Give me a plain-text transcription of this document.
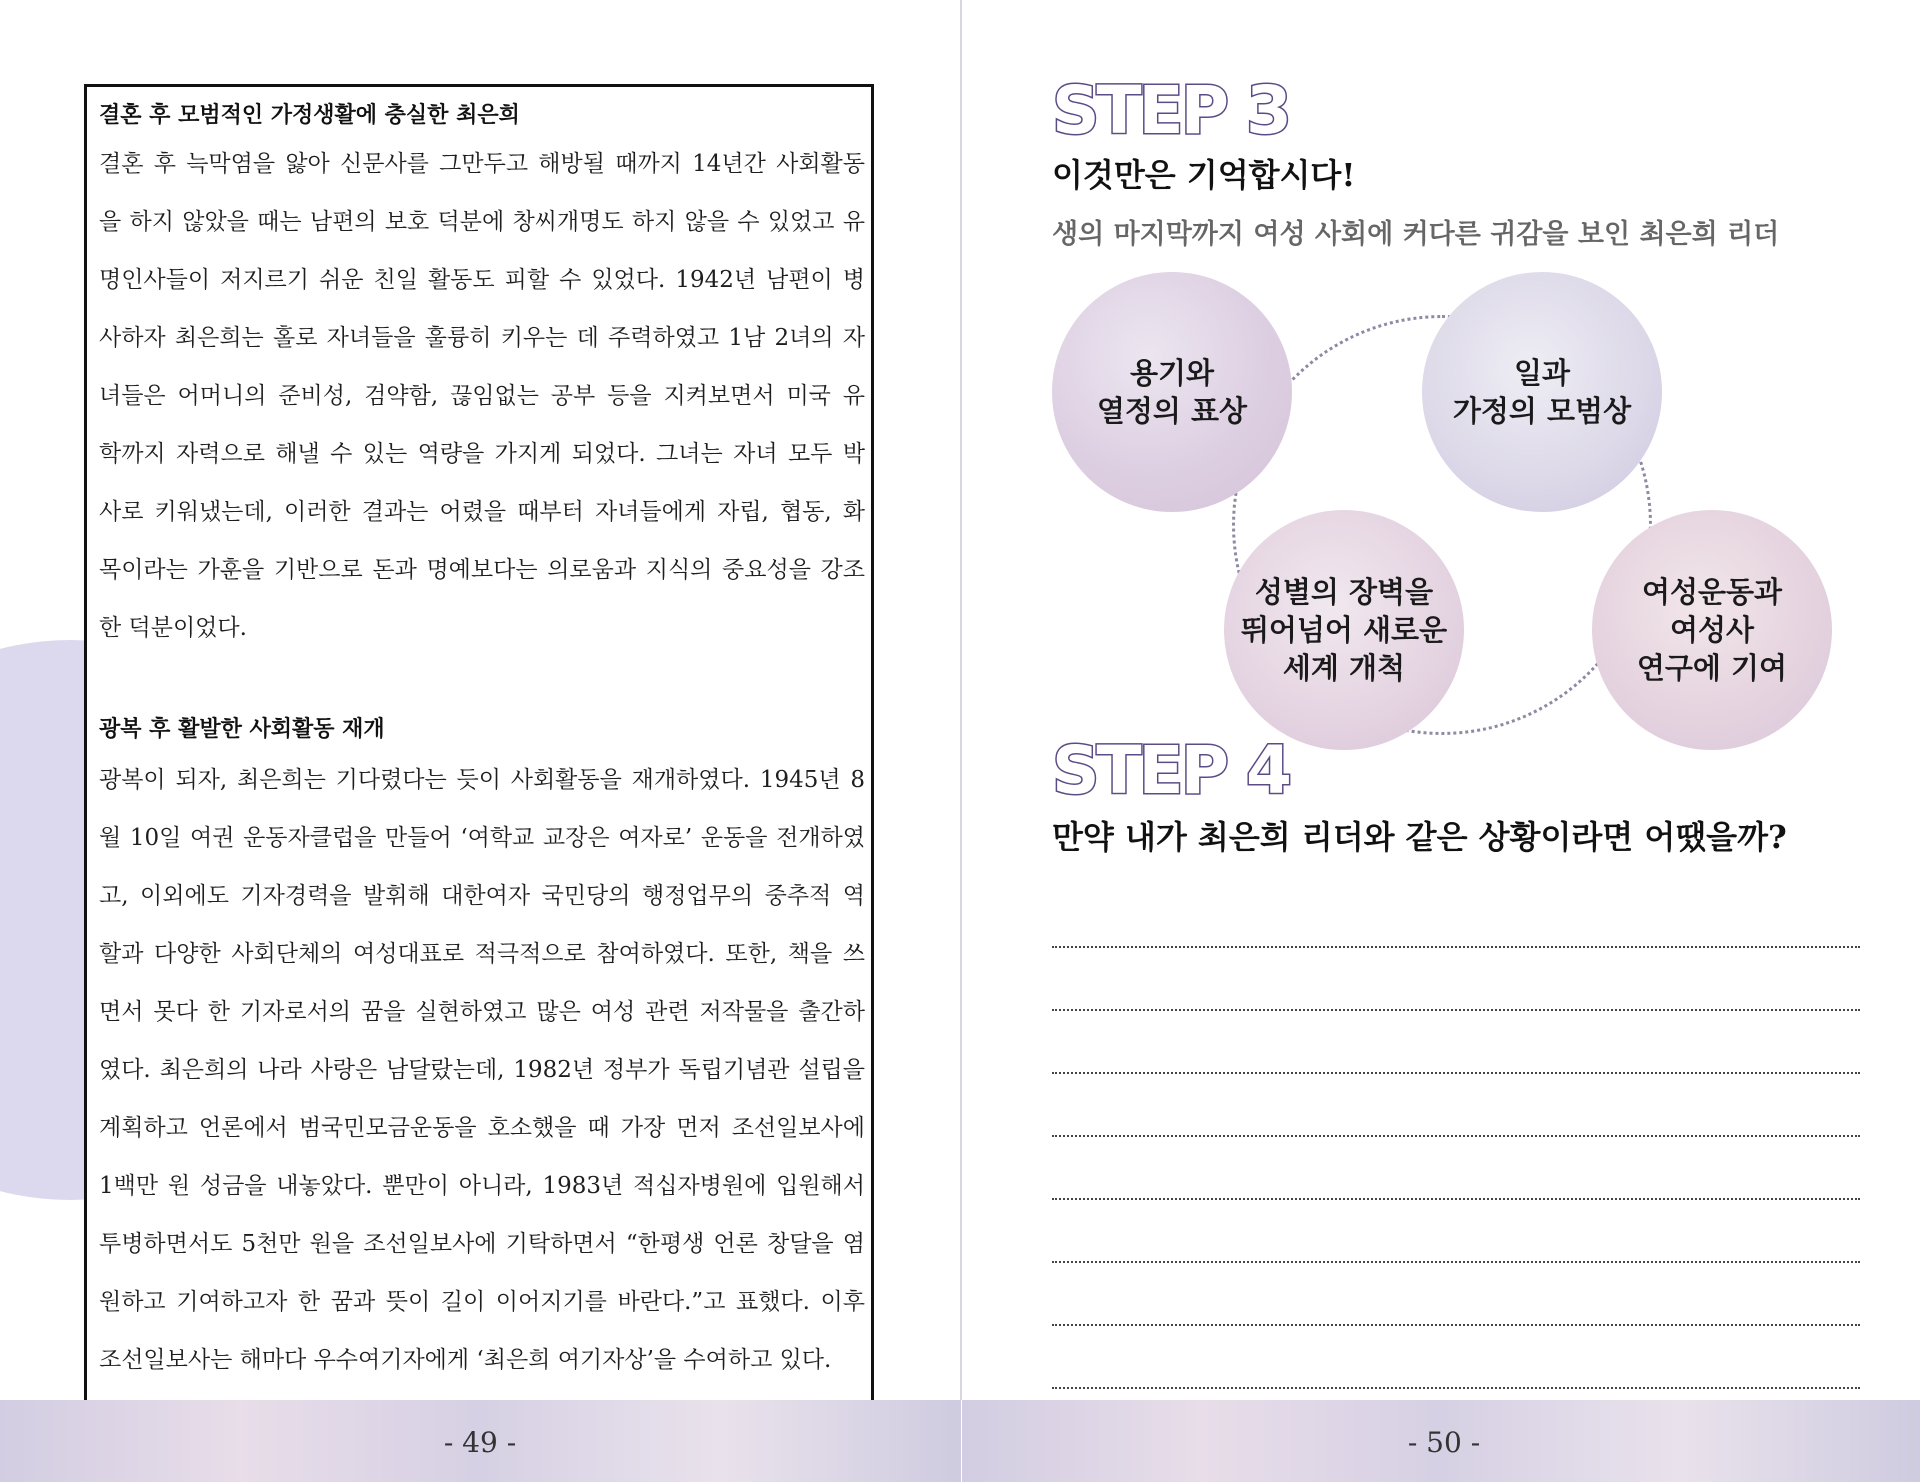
결혼 후 모범적인 가정생활에 충실한 최은희
결혼 후 늑막염을 앓아 신문사를 그만두고 해방될 때까지 14년간 사회활동
을 하지 않았을 때는 남편의 보호 덕분에 창씨개명도 하지 않을 수 있었고 유
명인사들이 저지르기 쉬운 친일 활동도 피할 수 있었다. 1942년 남편이 병
사하자 최은희는 홀로 자녀들을 훌륭히 키우는 데 주력하였고 1남 2녀의 자
녀들은 어머니의 준비성, 검약함, 끊임없는 공부 등을 지켜보면서 미국 유
학까지 자력으로 해낼 수 있는 역량을 가지게 되었다. 그녀는 자녀 모두 박
사로 키워냈는데, 이러한 결과는 어렸을 때부터 자녀들에게 자립, 협동, 화
목이라는 가훈을 기반으로 돈과 명예보다는 의로움과 지식의 중요성을 강조
한 덕분이었다.
광복 후 활발한 사회활동 재개
광복이 되자, 최은희는 기다렸다는 듯이 사회활동을 재개하였다. 1945년 8
월 10일 여권 운동자클럽을 만들어 ‘여학교 교장은 여자로’ 운동을 전개하였
고, 이외에도 기자경력을 발휘해 대한여자 국민당의 행정업무의 중추적 역
할과 다양한 사회단체의 여성대표로 적극적으로 참여하였다. 또한, 책을 쓰
면서 못다 한 기자로서의 꿈을 실현하였고 많은 여성 관련 저작물을 출간하
였다. 최은희의 나라 사랑은 남달랐는데, 1982년 정부가 독립기념관 설립을
계획하고 언론에서 범국민모금운동을 호소했을 때 가장 먼저 조선일보사에
1백만 원 성금을 내놓았다. 뿐만이 아니라, 1983년 적십자병원에 입원해서
투병하면서도 5천만 원을 조선일보사에 기탁하면서 “한평생 언론 창달을 염
원하고 기여하고자 한 꿈과 뜻이 길이 이어지기를 바란다.”고 표했다. 이후
조선일보사는 해마다 우수여기자에게 ‘최은희 여기자상’을 수여하고 있다.
- 49 -
STEP 3
이것만은 기억합시다!
생의 마지막까지 여성 사회에 커다른 귀감을 보인 최은희 리더
용기와
열정의 표상
일과
가정의 모범상
성별의 장벽을
뛰어넘어 새로운
세계 개척
여성운동과
여성사
연구에 기여
STEP 4
만약 내가 최은희 리더와 같은 상황이라면 어땠을까?
- 50 -
